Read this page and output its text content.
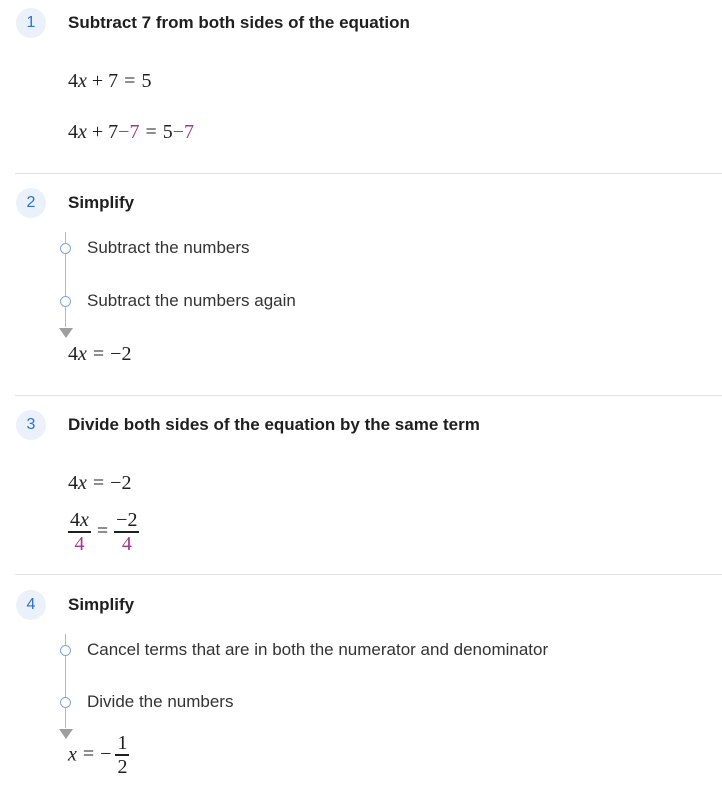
1	Subtract 7 from both sides of the equation
4x + 7 = 5
4x + 7−7 = 5−7
2	Simplify
Subtract the numbers
Subtract the numbers again
4x = −2
3	Divide both sides of the equation by the same term
4x = −2
$\frac{4x}{4} = \frac{-2}{4}$
4	Simplify
Cancel terms that are in both the numerator and denominator
Divide the numbers
x = − $\frac{1}{2}$
